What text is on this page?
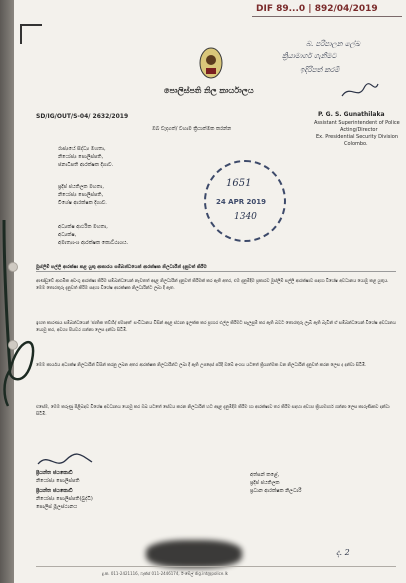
DIF 89...0 | 892/04/2019
බ. පරිපාලන ලේඛ
ක්‍රියාමාර්ග ගැනීමට
ඉදිරිපත් කරමි
පොලිස්පති නිල කාර්යාලය
SD/IG/OUT/S-04/ 2632/2019	P. G. S. Gunathilaka
Assistant Superintendent of Police
Acting/Director
Ex. Presidential Security Division
Colombo.
ඔබ වැදගත්/ වහාම ක්‍රියාත්මක කරන්න
රාජ්‍යයේ සිද්ධ්‍ය මහතා,
නියෝජ්‍ය පොලිස්පති,
ජනාධිපති ආරක්ෂක දිගාව.
ප්‍රදීප් ජයතිලක මහතා,
නියෝජ්‍ය පොලිස්පති,
විශේෂ ආරක්ෂක දිගාව.
අධ්‍යක්ෂ ආර්ථික මහතා,
අධ්‍යක්ෂ,
අමාත්‍යාංශ ආරක්ෂක කොට්ඨාශය.
1651
24 APR 2019
1340
මුස්ලිම් පල්ලි ආරක්ෂා කළ යුතු ආකාරය සම්බන්ධයෙන් ආරක්ෂක නිලධාරීන් දැනුවත් කිරීම
ආණ්ඩුවේ ආගමික අඩංගු ආරක්ෂා කිරීම සම්බන්ධයෙන් නැවතත් අදාළ නිලධාරීන් දැනුවත් කිරීමක් කර ඇති අතර, එම දැනුම්දීම ප්‍රකාරව මුස්ලිම් පල්ලි ආරක්ෂාව සඳහා විශේෂ අවධානය යොමු කළ යුතුය. මෙම තොරතුරු දැනුවත් කිරීම සඳහා විශේෂ ආරක්ෂක නිලධාරීන්ට ලබා දී ඇත.
ඉහත කාරණය සම්බන්ධයෙන් 'ජාතික තව්හීද් ජමාඅත්' සංවිධානය විසින් අදාළ ස්ථාන ඉලක්ක කර ප්‍රහාර එල්ල කිරීමට සැලසුම් කර ඇති බවට තොරතුරු ලැබී ඇති බැවින් ඒ සම්බන්ධයෙන් විශේෂ අවධානය යොමු කර, අවශ්‍ය පියවර ගන්නා ලෙස දන්වා සිටිමි.
මෙම කාර්යය අධ්‍යක්ෂ නිලධාරීන් විසින් කරනු ලබන අතර ආරක්ෂක නිලධාරීන්ට ලබා දී ඇති උපදෙස් පරිදි ඔබේ අංශය යටතේ ක්‍රියාත්මක වන නිලධාරීන් දැනුවත් කරන ලෙස ද දන්වා සිටිමි.
එසේම, මෙම කරුණු පිළිබඳව විශේෂ අවධානය යොමු කර ඔබ යටතේ සේවය කරන නිලධාරීන් හට අදාළ දැනුම්දීම කිරීම හා ආරක්ෂාව තර කිරීම සඳහා අවශ්‍ය ක්‍රියාමාර්ග ගන්නා ලෙස කාරුණිකව දන්වා සිටිමි.
ප්‍රියන්ත ජයකොඩි
නියෝජ්‍ය පොලිස්පති
ප්‍රියන්ත ජයකොඩි
නියෝජ්‍ය පොලිස්පති(බුද්ධි)
පොලිස් මූලස්ථානය
අත්සන් කළේ,
ප්‍රදීප් ජයතිලක
ප්‍රධාන ආරක්ෂක නිලධාරී
ද. 2
දු.ක. 011-2421116, ෆැක්ස් 011-2446174, ඊ-මේල් dig.int@police.lk
